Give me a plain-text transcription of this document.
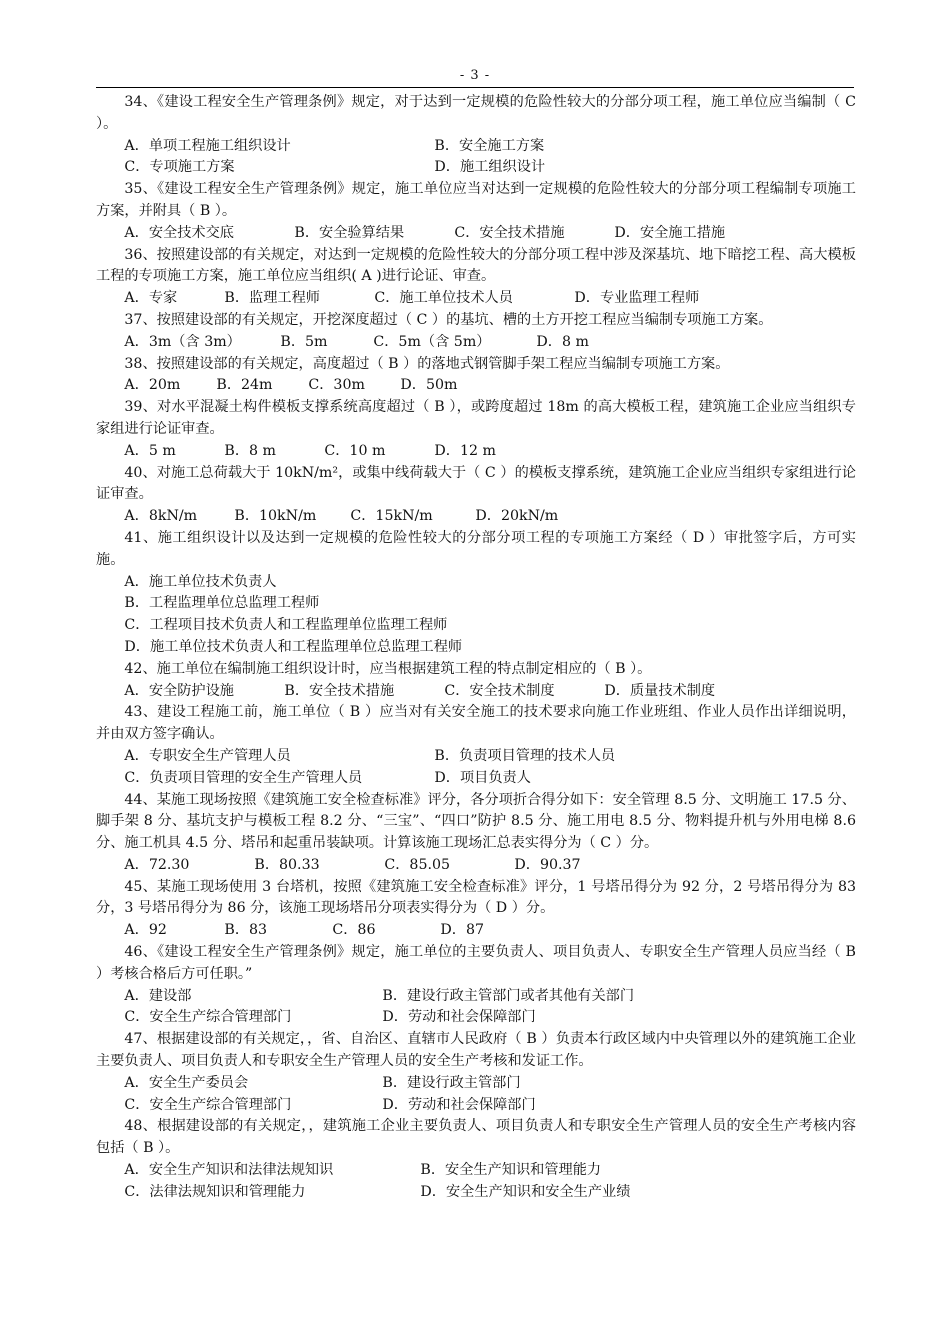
- 3 -

34、《建设工程安全生产管理条例》规定，对于达到一定规模的危险性较大的分部分项工程，施工单位应当编制（ C ）。

A．单项工程施工组织设计	B．安全施工方案
C．专项施工方案	D．施工组织设计

35、《建设工程安全生产管理条例》规定，施工单位应当对达到一定规模的危险性较大的分部分项工程编制专项施工方案，并附具（ B ）。

A．安全技术交底	B．安全验算结果	C．安全技术措施	D．安全施工措施

36、按照建设部的有关规定，对达到一定规模的危险性较大的分部分项工程中涉及深基坑、地下暗挖工程、高大模板工程的专项施工方案，施工单位应当组织( A )进行论证、审查。

A．专家	B．监理工程师	C．施工单位技术人员	D．专业监理工程师

37、按照建设部的有关规定，开挖深度超过（ C ）的基坑、槽的土方开挖工程应当编制专项施工方案。

A．3m（含 3m）	B．5m	C．5m（含 5m）	D．8 m

38、按照建设部的有关规定，高度超过（ B ）的落地式钢管脚手架工程应当编制专项施工方案。

A．20m	B．24m	C．30m D．50m

39、对水平混凝土构件模板支撑系统高度超过（ B ），或跨度超过 18m 的高大模板工程，建筑施工企业应当组织专家组进行论证审查。

A．5 m	B．8 m	C．10 m	D．12 m

40、对施工总荷载大于 10kN/m²，或集中线荷载大于（ C ）的模板支撑系统，建筑施工企业应当组织专家组进行论证审查。

A．8kN/m	B．10kN/m C．15kN/m	D．20kN/m

41、施工组织设计以及达到一定规模的危险性较大的分部分项工程的专项施工方案经（ D ）审批签字后，方可实施。

A．施工单位技术负责人
B．工程监理单位总监理工程师
C．工程项目技术负责人和工程监理单位监理工程师
D．施工单位技术负责人和工程监理单位总监理工程师

42、施工单位在编制施工组织设计时，应当根据建筑工程的特点制定相应的（ B ）。

A．安全防护设施	B．安全技术措施	C．安全技术制度	D．质量技术制度

43、建设工程施工前，施工单位（ B ）应当对有关安全施工的技术要求向施工作业班组、作业人员作出详细说明，并由双方签字确认。

A．专职安全生产管理人员	B．负责项目管理的技术人员
C．负责项目管理的安全生产管理人员	D．项目负责人

44、某施工现场按照《建筑施工安全检查标准》评分，各分项折合得分如下：安全管理 8.5 分、文明施工 17.5 分、脚手架 8 分、基坑支护与模板工程 8.2 分、“三宝”、“四口”防护 8.5 分、施工用电 8.5 分、物料提升机与外用电梯 8.6 分、施工机具 4.5 分、塔吊和起重吊装缺项。计算该施工现场汇总表实得分为（ C ）分。

A．72.30	B．80.33	C．85.05	D．90.37

45、某施工现场使用 3 台塔机，按照《建筑施工安全检查标准》评分，1 号塔吊得分为 92 分，2 号塔吊得分为 83 分，3 号塔吊得分为 86 分，该施工现场塔吊分项表实得分为（ D ）分。

A．92	B．83	C．86	D．87

46、《建设工程安全生产管理条例》规定，施工单位的主要负责人、项目负责人、专职安全生产管理人员应当经（ B ）考核合格后方可任职。”

A．建设部	B．建设行政主管部门或者其他有关部门
C．安全生产综合管理部门	D．劳动和社会保障部门

47、根据建设部的有关规定，，省、自治区、直辖市人民政府（ B ）负责本行政区域内中央管理以外的建筑施工企业主要负责人、项目负责人和专职安全生产管理人员的安全生产考核和发证工作。

A．安全生产委员会	B．建设行政主管部门
C．安全生产综合管理部门	D．劳动和社会保障部门

48、根据建设部的有关规定，，建筑施工企业主要负责人、项目负责人和专职安全生产管理人员的安全生产考核内容包括（ B ）。

A．安全生产知识和法律法规知识	B．安全生产知识和管理能力
C．法律法规知识和管理能力	D．安全生产知识和安全生产业绩
